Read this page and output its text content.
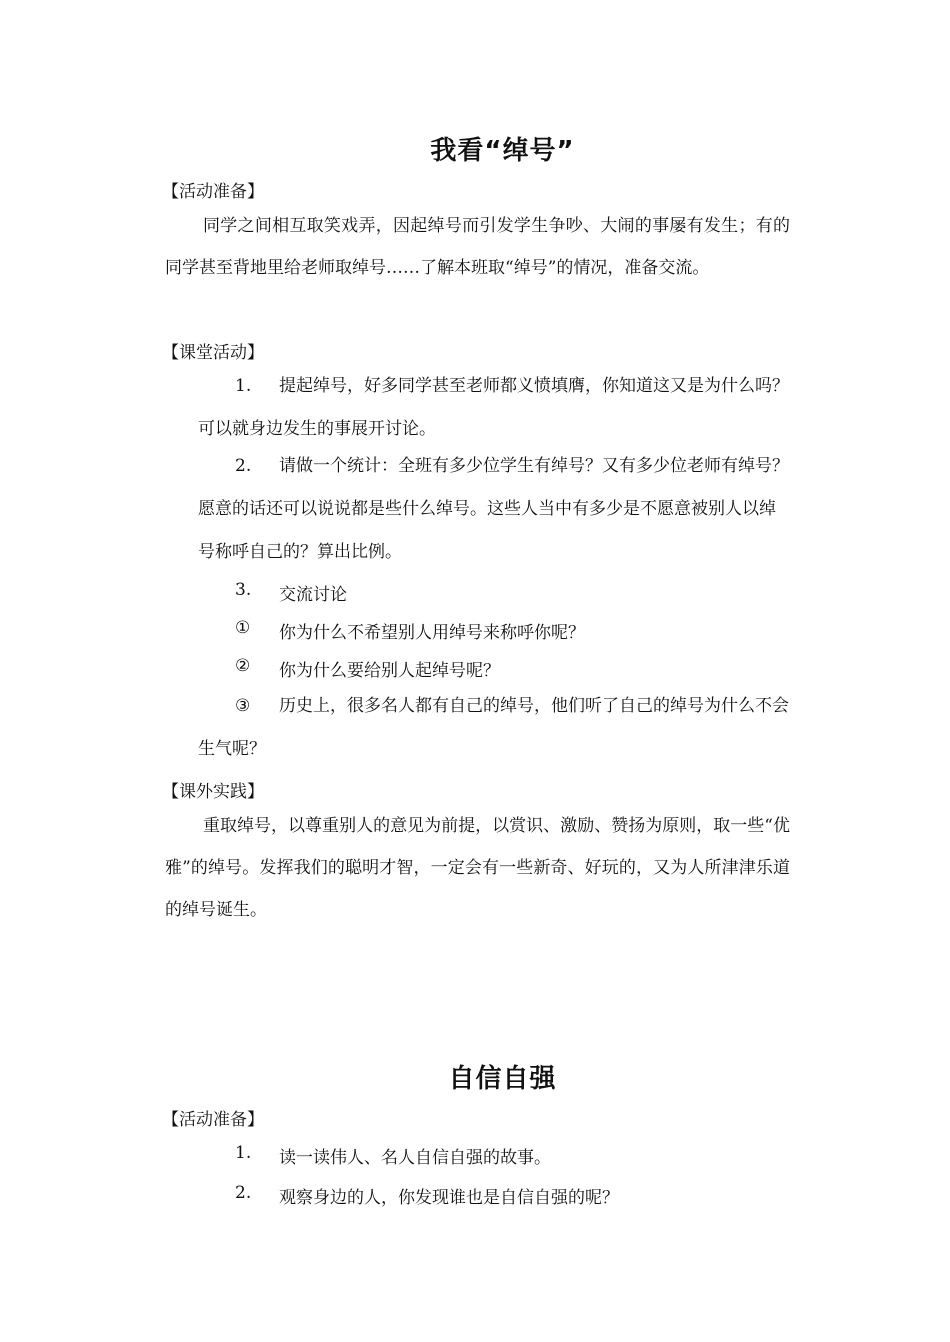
我看“绰号”
【活动准备】
同学之间相互取笑戏弄，因起绰号而引发学生争吵、大闹的事屡有发生；有的同学甚至背地里给老师取绰号……了解本班取“绰号”的情况，准备交流。
【课堂活动】
1. 提起绰号，好多同学甚至老师都义愤填膺，你知道这又是为什么吗？可以就身边发生的事展开讨论。
2. 请做一个统计：全班有多少位学生有绰号？又有多少位老师有绰号？愿意的话还可以说说都是些什么绰号。这些人当中有多少是不愿意被别人以绰号称呼自己的？算出比例。
3. 交流讨论
① 你为什么不希望别人用绰号来称呼你呢？
② 你为什么要给别人起绰号呢？
③ 历史上，很多名人都有自己的绰号，他们听了自己的绰号为什么不会生气呢？
【课外实践】
重取绰号，以尊重别人的意见为前提，以赏识、激励、赞扬为原则，取一些“优雅”的绰号。发挥我们的聪明才智，一定会有一些新奇、好玩的，又为人所津津乐道的绰号诞生。
自信自强
【活动准备】
1. 读一读伟人、名人自信自强的故事。
2. 观察身边的人，你发现谁也是自信自强的呢？
